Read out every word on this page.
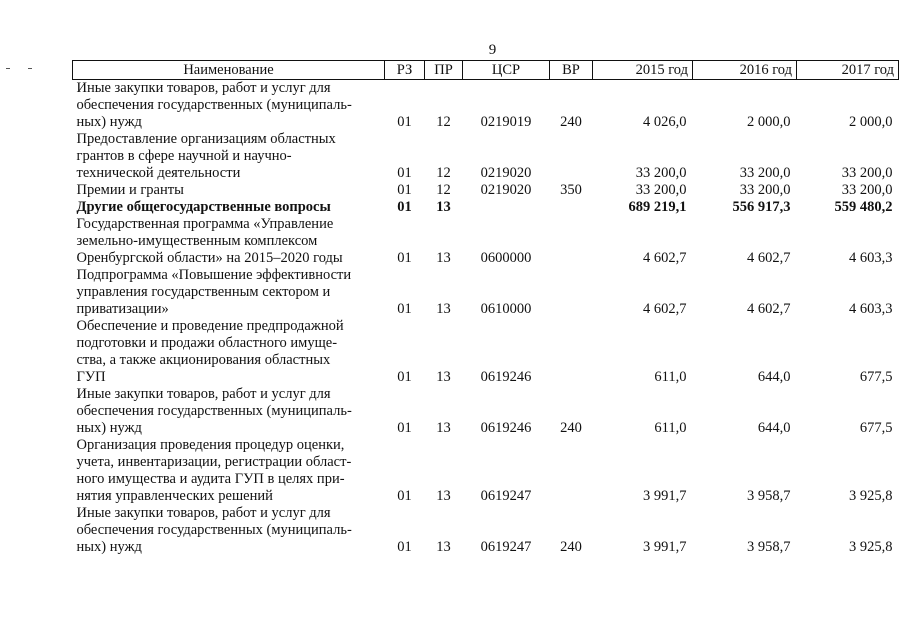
9
Наименование	РЗ	ПР	ЦСР	ВР	2015 год	2016 год	2017 год
Иные закупки товаров, работ и услуг для
обеспечения государственных (муниципаль-
ных) нужд	01	12	0219019	240	4 026,0	2 000,0	2 000,0
Предоставление организациям областных
грантов в сфере научной и научно-
технической деятельности	01	12	0219020		33 200,0	33 200,0	33 200,0
Премии и гранты	01	12	0219020	350	33 200,0	33 200,0	33 200,0
Другие общегосударственные вопросы	01	13			689 219,1	556 917,3	559 480,2
Государственная программа «Управление
земельно-имущественным комплексом
Оренбургской области» на 2015–2020 годы	01	13	0600000		4 602,7	4 602,7	4 603,3
Подпрограмма «Повышение эффективности
управления государственным сектором и
приватизации»	01	13	0610000		4 602,7	4 602,7	4 603,3
Обеспечение и проведение предпродажной
подготовки и продажи областного имуще-
ства, а также акционирования областных
ГУП	01	13	0619246		611,0	644,0	677,5
Иные закупки товаров, работ и услуг для
обеспечения государственных (муниципаль-
ных) нужд	01	13	0619246	240	611,0	644,0	677,5
Организация проведения процедур оценки,
учета, инвентаризации, регистрации област-
ного имущества и аудита ГУП в целях при-
нятия управленческих решений	01	13	0619247		3 991,7	3 958,7	3 925,8
Иные закупки товаров, работ и услуг для
обеспечения государственных (муниципаль-
ных) нужд	01	13	0619247	240	3 991,7	3 958,7	3 925,8
